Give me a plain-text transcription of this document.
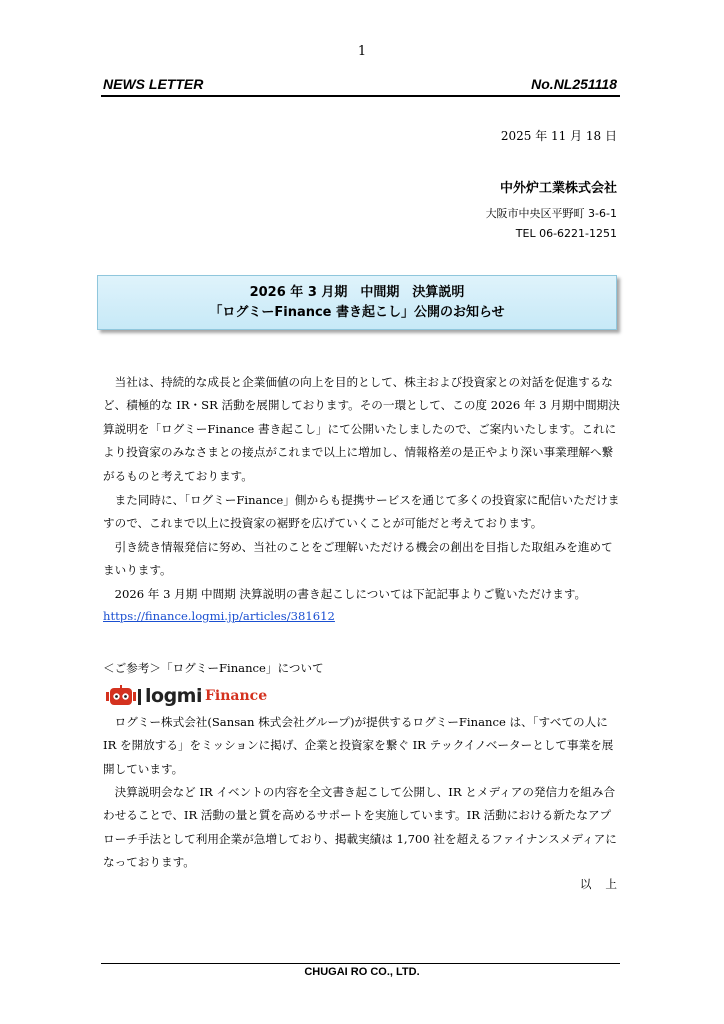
1
NEWS LETTER	No.NL251118
2025 年 11 月 18 日
中外炉工業株式会社
大阪市中央区平野町 3-6-1
TEL 06-6221-1251
2026 年 3 月期　中間期　決算説明
「ログミーFinance 書き起こし」公開のお知らせ
当社は、持続的な成長と企業価値の向上を目的として、株主および投資家との対話を促進するなど、積極的な IR・SR 活動を展開しております。その一環として、この度 2026 年 3 月期中間期決算説明を「ログミーFinance 書き起こし」にて公開いたしましたので、ご案内いたします。これにより投資家のみなさまとの接点がこれまで以上に増加し、情報格差の是正やより深い事業理解へ繋がるものと考えております。
また同時に、「ログミーFinance」側からも提携サービスを通じて多くの投資家に配信いただけますので、これまで以上に投資家の裾野を広げていくことが可能だと考えております。
引き続き情報発信に努め、当社のことをご理解いただける機会の創出を目指した取組みを進めてまいります。
2026 年 3 月期 中間期 決算説明の書き起こしについては下記記事よりご覧いただけます。
https://finance.logmi.jp/articles/381612
＜ご参考＞「ログミーFinance」について
logmi Finance
ログミー株式会社(Sansan 株式会社グループ)が提供するログミーFinance は、「すべての人に IR を開放する」をミッションに掲げ、企業と投資家を繋ぐ IR テックイノベーターとして事業を展開しています。
決算説明会など IR イベントの内容を全文書き起こして公開し、IR とメディアの発信力を組み合わせることで、IR 活動の量と質を高めるサポートを実施しています。IR 活動における新たなアプローチ手法として利用企業が急増しており、掲載実績は 1,700 社を超えるファイナンスメディアになっております。
以上
CHUGAI RO CO., LTD.
